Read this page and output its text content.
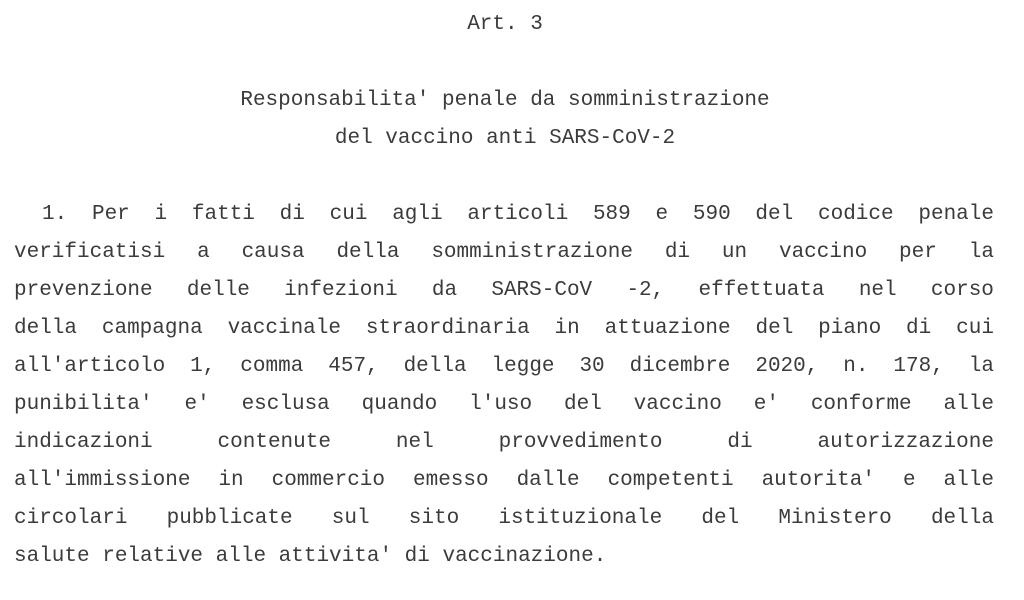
Art. 3
Responsabilita' penale da somministrazione
del vaccino anti SARS-CoV-2
1. Per i fatti di cui agli articoli 589 e 590 del codice penale
verificatisi a causa della somministrazione di un vaccino per la
prevenzione delle infezioni da SARS-CoV -2, effettuata nel corso
della campagna vaccinale straordinaria in attuazione del piano di cui
all'articolo 1, comma 457, della legge 30 dicembre 2020, n. 178, la
punibilita' e' esclusa quando l'uso del vaccino e' conforme alle
indicazioni	contenute	nel	provvedimento	di	autorizzazione
all'immissione in commercio emesso dalle competenti autorita' e alle
circolari pubblicate sul sito istituzionale del Ministero della
salute relative alle attivita' di vaccinazione.
